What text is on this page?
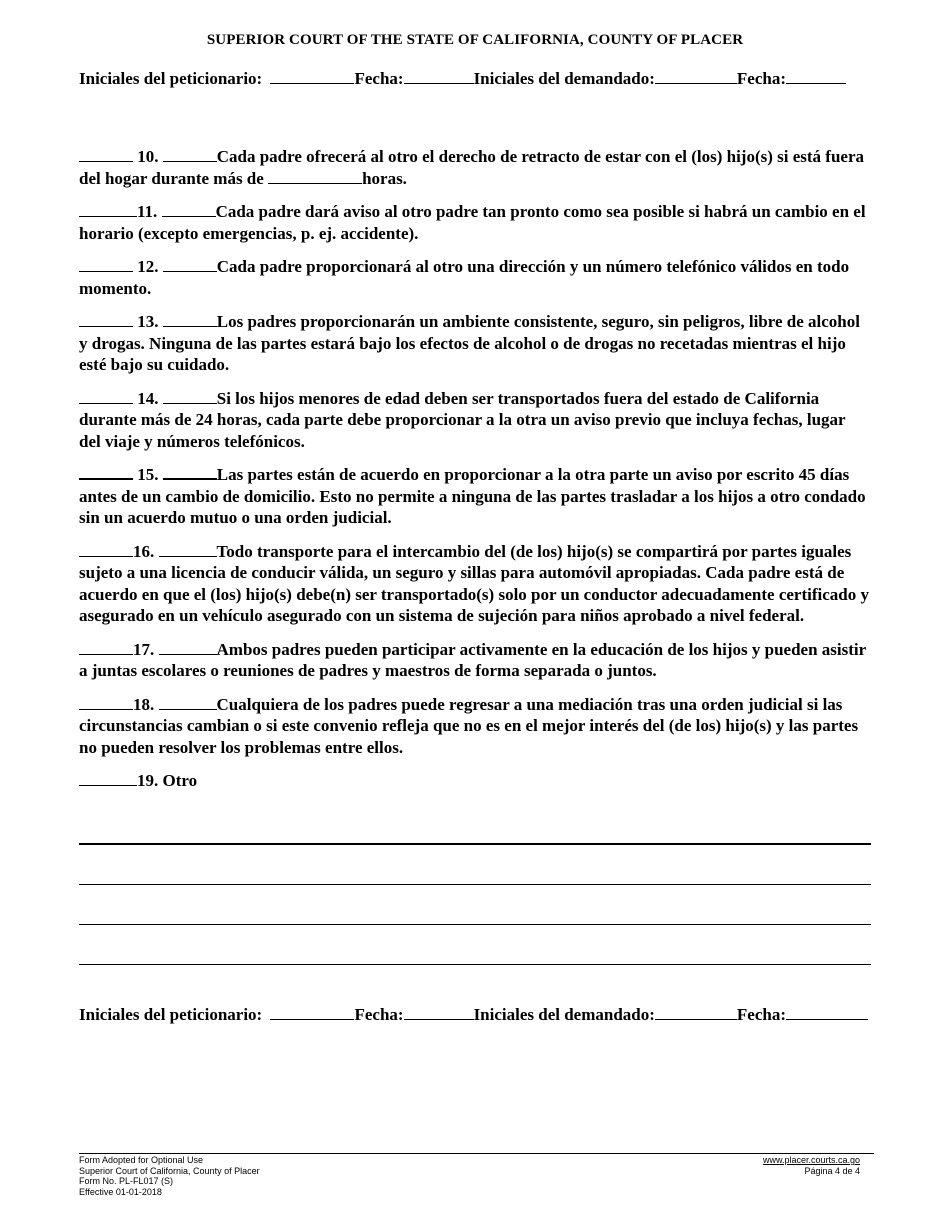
SUPERIOR COURT OF THE STATE OF CALIFORNIA, COUNTY OF PLACER
Iniciales del peticionario:	Fecha:	Iniciales del demandado:	Fecha:
10.	Cada padre ofrecerá al otro el derecho de retracto de estar con el (los) hijo(s) si está fuera del hogar durante más de	horas.
11.	Cada padre dará aviso al otro padre tan pronto como sea posible si habrá un cambio en el horario (excepto emergencias, p. ej. accidente).
12.	Cada padre proporcionará al otro una dirección y un número telefónico válidos en todo momento.
13.	Los padres proporcionarán un ambiente consistente, seguro, sin peligros, libre de alcohol y drogas. Ninguna de las partes estará bajo los efectos de alcohol o de drogas no recetadas mientras el hijo esté bajo su cuidado.
14.	Si los hijos menores de edad deben ser transportados fuera del estado de California durante más de 24 horas, cada parte debe proporcionar a la otra un aviso previo que incluya fechas, lugar del viaje y números telefónicos.
15.	Las partes están de acuerdo en proporcionar a la otra parte un aviso por escrito 45 días antes de un cambio de domicilio. Esto no permite a ninguna de las partes trasladar a los hijos a otro condado sin un acuerdo mutuo o una orden judicial.
16.	Todo transporte para el intercambio del (de los) hijo(s) se compartirá por partes iguales sujeto a una licencia de conducir válida, un seguro y sillas para automóvil apropiadas. Cada padre está de acuerdo en que el (los) hijo(s) debe(n) ser transportado(s) solo por un conductor adecuadamente certificado y asegurado en un vehículo asegurado con un sistema de sujeción para niños aprobado a nivel federal.
17.	Ambos padres pueden participar activamente en la educación de los hijos y pueden asistir a juntas escolares o reuniones de padres y maestros de forma separada o juntos.
18.	Cualquiera de los padres puede regresar a una mediación tras una orden judicial si las circunstancias cambian o si este convenio refleja que no es en el mejor interés del (de los) hijo(s) y las partes no pueden resolver los problemas entre ellos.
19. Otro
Iniciales del peticionario:	Fecha:	Iniciales del demandado:	Fecha:
Form Adopted for Optional Use
Superior Court of California, County of Placer
Form No. PL-FL017 (S)
Effective 01-01-2018
www.placer.courts.ca.go
Página 4 de 4
